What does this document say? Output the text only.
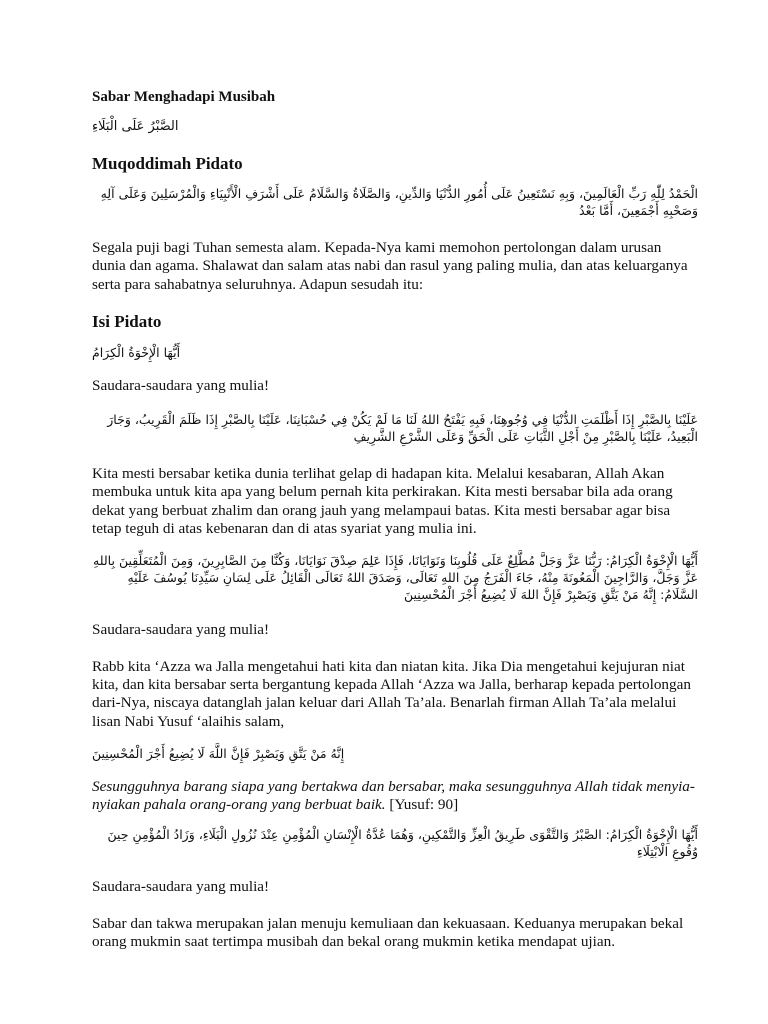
Sabar Menghadapi Musibah
الصَّبْرُ عَلَى الْبَلَاءِ
Muqoddimah Pidato
الْحَمْدُ لِلّٰهِ رَبِّ الْعَالَمِينَ، وَبِهِ نَسْتَعِينُ عَلَى أُمُورِ الدُّنْيَا وَالدِّينِ، وَالصَّلَاةُ وَالسَّلَامُ عَلَى أَشْرَفِ الْأَنْبِيَاءِ وَالْمُرْسَلِينَ وَعَلَى آلِهِ وَصَحْبِهِ أَجْمَعِينَ، أَمَّا بَعْدُ

Segala puji bagi Tuhan semesta alam. Kepada-Nya kami memohon pertolongan dalam urusan dunia dan agama. Shalawat dan salam atas nabi dan rasul yang paling mulia, dan atas keluarganya serta para sahabatnya seluruhnya. Adapun sesudah itu:

Isi Pidato
أَيُّهَا الْإِخْوَةُ الْكِرَامُ

Saudara-saudara yang mulia!

عَلَيْنَا بِالصَّبْرِ إِذَا أَظْلَمَتِ الدُّنْيَا فِي وُجُوهِنَا، فَبِهِ يَفْتَحُ اللهُ لَنَا مَا لَمْ يَكُنْ فِي حُسْبَانِنَا، عَلَيْنَا بِالصَّبْرِ إِذَا ظَلَمَ الْقَرِيبُ، وَجَارَ الْبَعِيدُ، عَلَيْنَا بِالصَّبْرِ مِنْ أَجْلِ الثَّبَاتِ عَلَى الْحَقِّ وَعَلَى الشَّرْعِ الشَّرِيفِ

Kita mesti bersabar ketika dunia terlihat gelap di hadapan kita. Melalui kesabaran, Allah Akan membuka untuk kita apa yang belum pernah kita perkirakan. Kita mesti bersabar bila ada orang dekat yang berbuat zhalim dan orang jauh yang melampaui batas. Kita mesti bersabar agar bisa tetap teguh di atas kebenaran dan di atas syariat yang mulia ini.

أَيُّهَا الْإِخْوَةُ الْكِرَامُ: رَبُّنَا عَزَّ وَجَلَّ مُطَّلِعٌ عَلَى قُلُوبِنَا وَنَوَايَانَا، فَإِذَا عَلِمَ صِدْقَ نَوَايَانَا، وَكُنَّا مِنَ الصَّابِرِينَ، وَمِنَ الْمُتَعَلِّقِينَ بِاللهِ عَزَّ وَجَلَّ، وَالرَّاجِينَ الْمَعُونَةَ مِنْهُ، جَاءَ الْفَرَجُ مِنَ اللهِ تَعَالَى، وَصَدَقَ اللهُ تَعَالَى الْقَائِلُ عَلَى لِسَانِ سَيِّدِنَا يُوسُفَ عَلَيْهِ السَّلَامُ: إِنَّهُ مَنْ يَتَّقِ وَيَصْبِرْ فَإِنَّ اللهَ لَا يُضِيعُ أَجْرَ الْمُحْسِنِينَ

Saudara-saudara yang mulia!

Rabb kita ‘Azza wa Jalla mengetahui hati kita dan niatan kita. Jika Dia mengetahui kejujuran niat kita, dan kita bersabar serta bergantung kepada Allah ‘Azza wa Jalla, berharap kepada pertolongan dari-Nya, niscaya datanglah jalan keluar dari Allah Ta’ala. Benarlah firman Allah Ta’ala melalui lisan Nabi Yusuf ‘alaihis salam,

إِنَّهُ مَنْ يَتَّقِ وَيَصْبِرْ فَإِنَّ اللَّهَ لَا يُضِيعُ أَجْرَ الْمُحْسِنِينَ

Sesungguhnya barang siapa yang bertakwa dan bersabar, maka sesungguhnya Allah tidak menyia-nyiakan pahala orang-orang yang berbuat baik. [Yusuf: 90]

أَيُّهَا الْإِخْوَةُ الْكِرَامُ: الصَّبْرُ وَالتَّقْوَى طَرِيقُ الْعِزِّ وَالتَّمْكِينِ، وَهُمَا عُدَّةُ الْإِنْسَانِ الْمُؤْمِنِ عِنْدَ نُزُولِ الْبَلَاءِ، وَزَادُ الْمُؤْمِنِ حِينَ وُقُوعِ الْابْتِلَاءِ

Saudara-saudara yang mulia!

Sabar dan takwa merupakan jalan menuju kemuliaan dan kekuasaan. Keduanya merupakan bekal orang mukmin saat tertimpa musibah dan bekal orang mukmin ketika mendapat ujian.
